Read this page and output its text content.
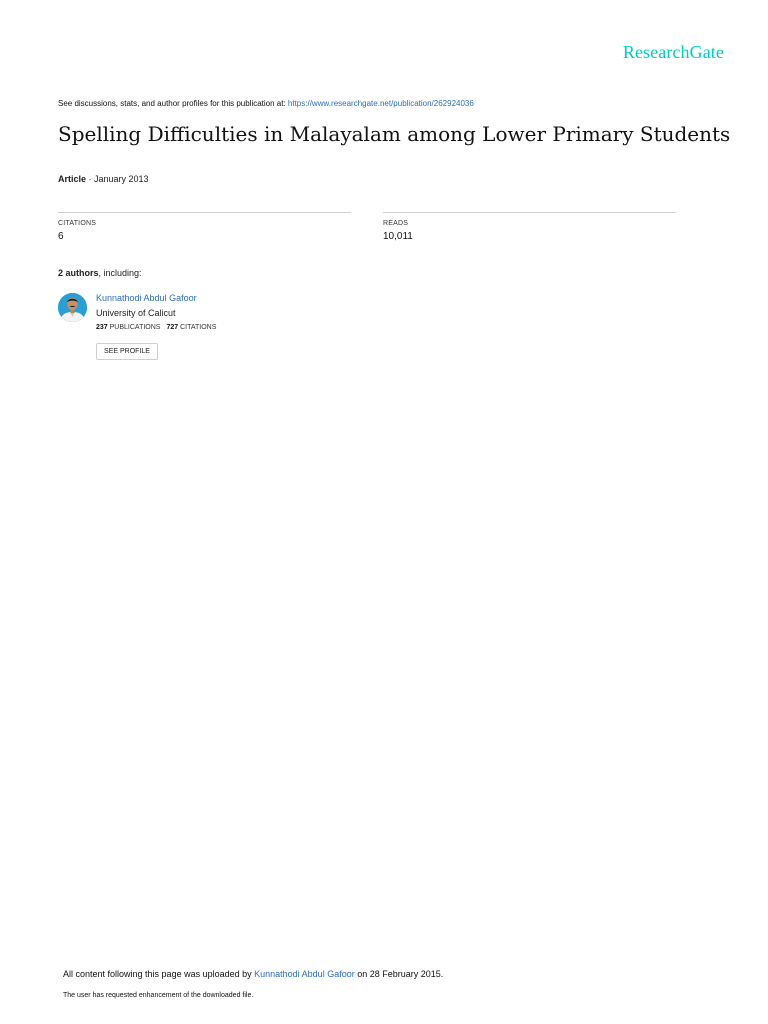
ResearchGate
See discussions, stats, and author profiles for this publication at: https://www.researchgate.net/publication/262924036
Spelling Difficulties in Malayalam among Lower Primary Students
Article · January 2013
CITATIONS
6
READS
10,011
2 authors, including:
Kunnathodi Abdul Gafoor
University of Calicut
237 PUBLICATIONS 727 CITATIONS
SEE PROFILE
All content following this page was uploaded by Kunnathodi Abdul Gafoor on 28 February 2015.
The user has requested enhancement of the downloaded file.
